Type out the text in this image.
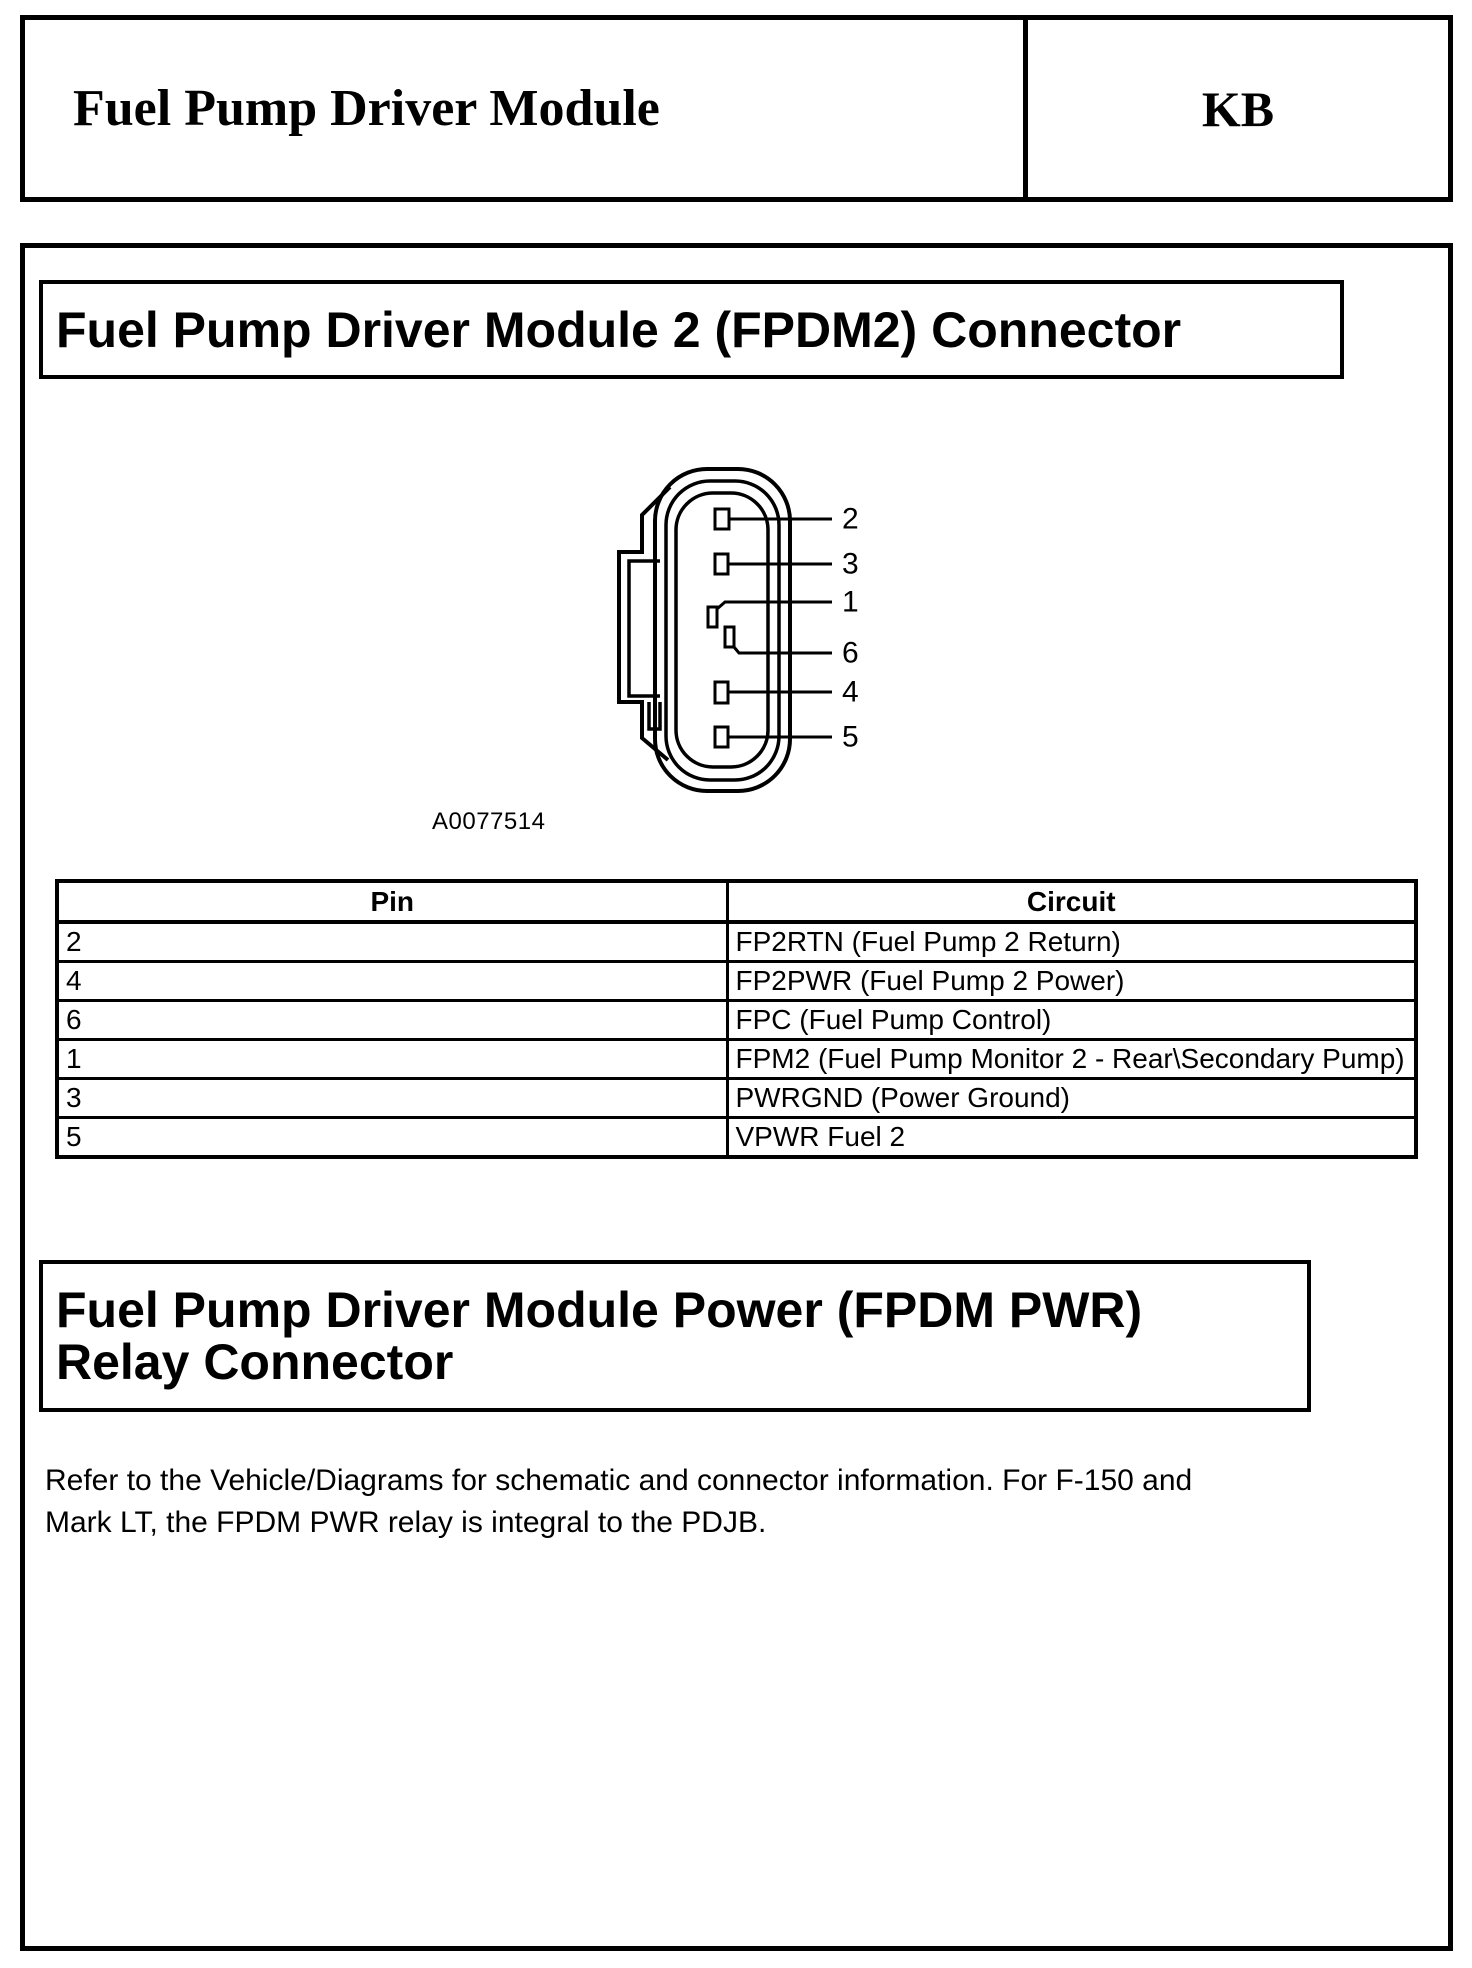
Fuel Pump Driver Module	KB
Fuel Pump Driver Module 2 (FPDM2) Connector
2
3
1
6
4
5
A0077514
Pin	Circuit
2	FP2RTN (Fuel Pump 2 Return)
4	FP2PWR (Fuel Pump 2 Power)
6	FPC (Fuel Pump Control)
1	FPM2 (Fuel Pump Monitor 2 - Rear\Secondary Pump)
3	PWRGND (Power Ground)
5	VPWR Fuel 2
Fuel Pump Driver Module Power (FPDM PWR)
Relay Connector
Refer to the Vehicle/Diagrams for schematic and connector information. For F-150 and
Mark LT, the FPDM PWR relay is integral to the PDJB.
